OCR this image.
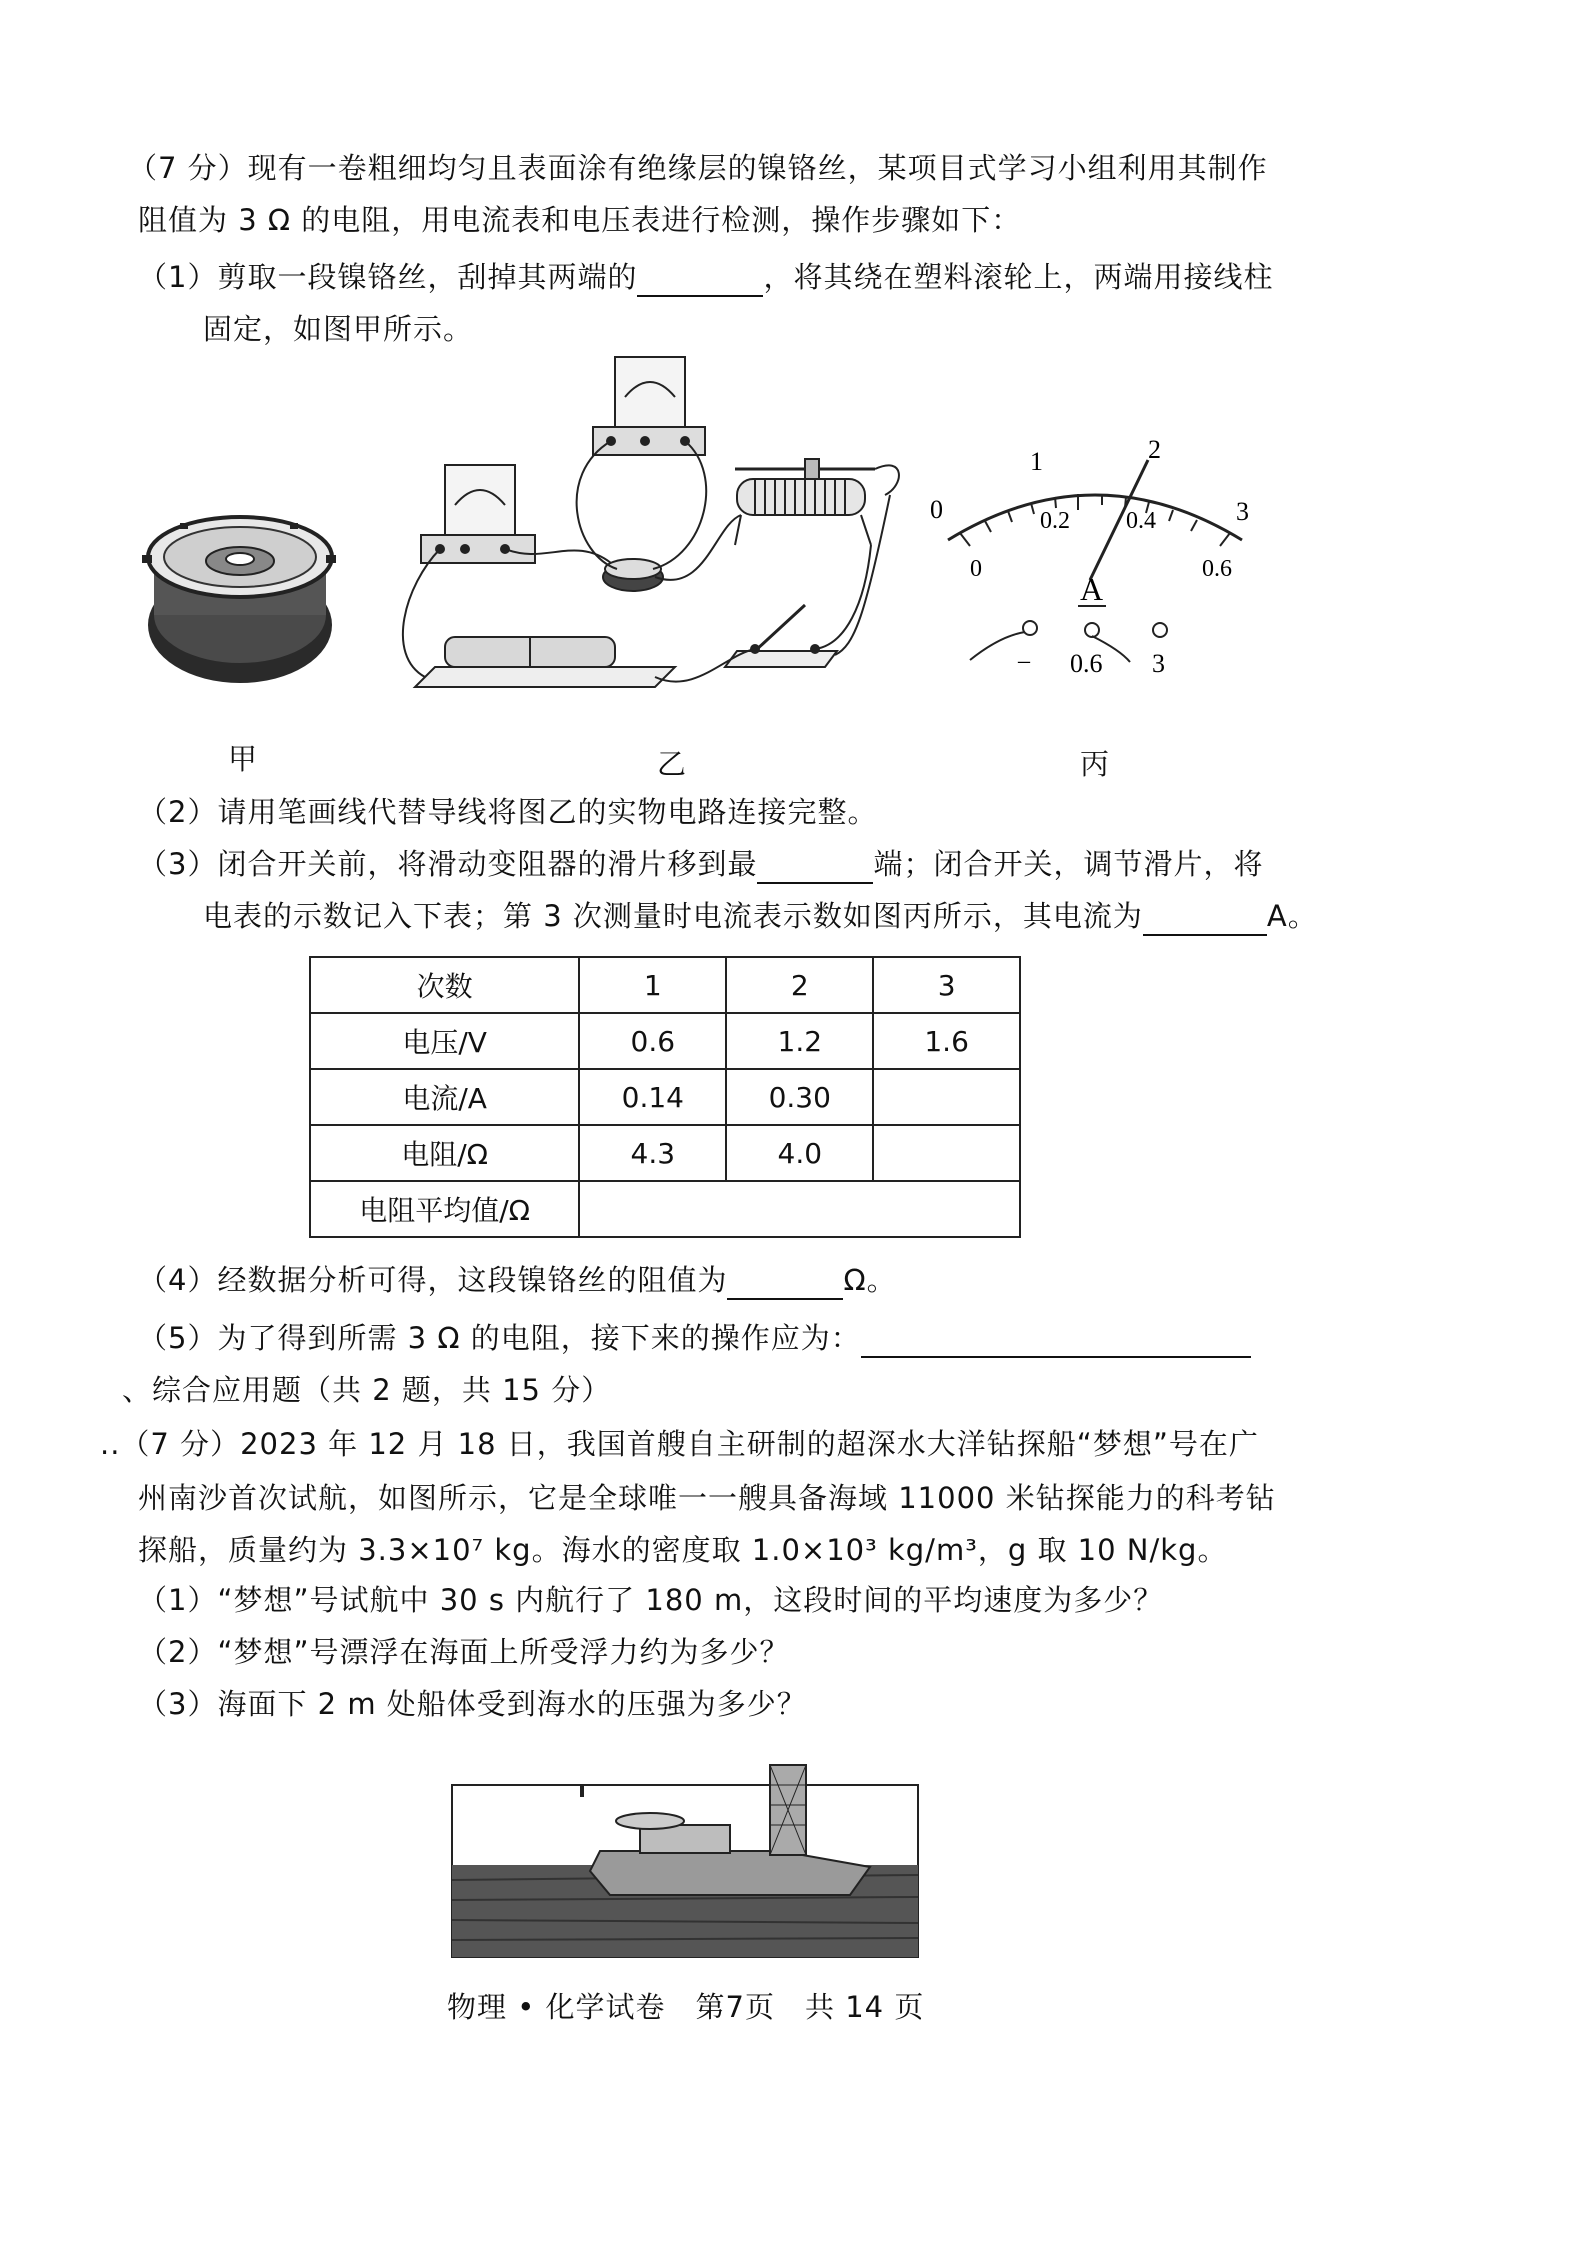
（7 分）现有一卷粗细均匀且表面涂有绝缘层的镍铬丝，某项目式学习小组利用其制作
阻值为 3 Ω 的电阻，用电流表和电压表进行检测，操作步骤如下：
（1）剪取一段镍铬丝，刮掉其两端的	，将其绕在塑料滚轮上，两端用接线柱
固定，如图甲所示。
0
1	2
3
0
0.2 0.4
0.6
A
– 0.6 3
甲	乙	丙
（2）请用笔画线代替导线将图乙的实物电路连接完整。
（3）闭合开关前，将滑动变阻器的滑片移到最	端；闭合开关，调节滑片，将
电表的示数记入下表；第 3 次测量时电流表示数如图丙所示，其电流为	A。
次数	1	2	3
电压/V	0.6	1.2	1.6
电流/A	0.14	0.30	
电阻/Ω	4.3	4.0	
电阻平均值/Ω			
（4）经数据分析可得，这段镍铬丝的阻值为	Ω。
（5）为了得到所需 3 Ω 的电阻，接下来的操作应为：
、综合应用题（共 2 题，共 15 分）
..（7 分）2023 年 12 月 18 日，我国首艘自主研制的超深水大洋钻探船“梦想”号在广
州南沙首次试航，如图所示，它是全球唯一一艘具备海域 11000 米钻探能力的科考钻
探船，质量约为 3.3×10⁷ kg。海水的密度取 1.0×10³ kg/m³，g 取 10 N/kg。
（1）“梦想”号试航中 30 s 内航行了 180 m，这段时间的平均速度为多少？
（2）“梦想”号漂浮在海面上所受浮力约为多少？
（3）海面下 2 m 处船体受到海水的压强为多少？
物理 • 化学试卷　第7页　共 14 页
